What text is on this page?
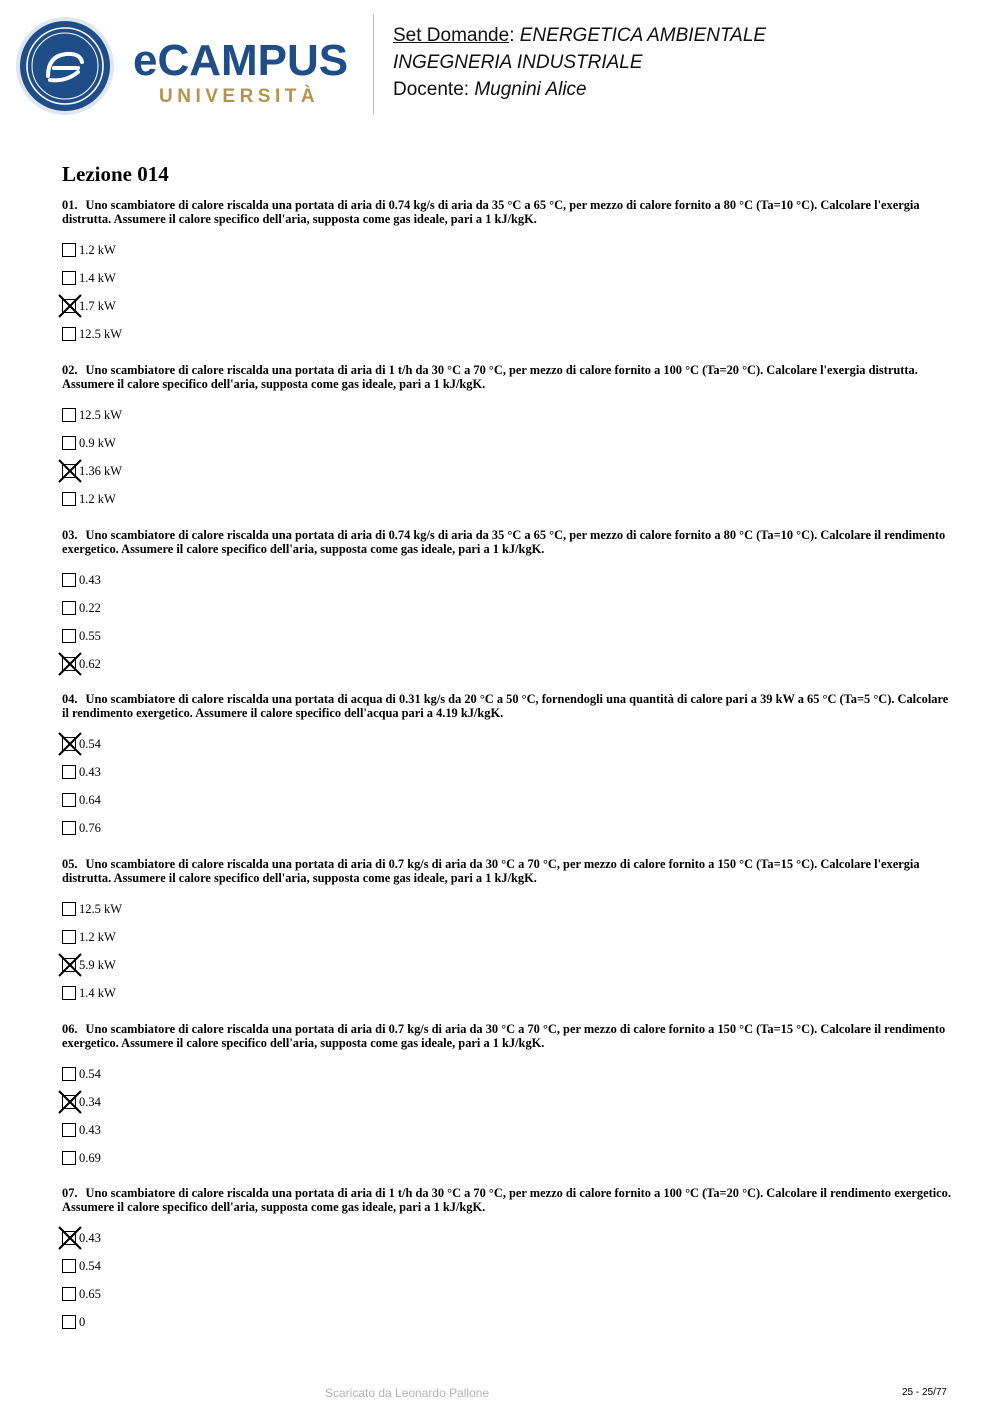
eCAMPUS
UNIVERSITÀ
Set Domande: ENERGETICA AMBIENTALE
INGEGNERIA INDUSTRIALE
Docente: Mugnini Alice
Lezione 014
01. Uno scambiatore di calore riscalda una portata di aria di 0.74 kg/s di aria da 35 °C a 65 °C, per mezzo di calore fornito a 80 °C (Ta=10 °C). Calcolare l'exergia distrutta. Assumere il calore specifico dell'aria, supposta come gas ideale, pari a 1 kJ/kgK.
1.2 kW
1.4 kW
1.7 kW
12.5 kW
02. Uno scambiatore di calore riscalda una portata di aria di 1 t/h da 30 °C a 70 °C, per mezzo di calore fornito a 100 °C (Ta=20 °C). Calcolare l'exergia distrutta. Assumere il calore specifico dell'aria, supposta come gas ideale, pari a 1 kJ/kgK.
12.5 kW
0.9 kW
1.36 kW
1.2 kW
03. Uno scambiatore di calore riscalda una portata di aria di 0.74 kg/s di aria da 35 °C a 65 °C, per mezzo di calore fornito a 80 °C (Ta=10 °C). Calcolare il rendimento exergetico. Assumere il calore specifico dell'aria, supposta come gas ideale, pari a 1 kJ/kgK.
0.43
0.22
0.55
0.62
04. Uno scambiatore di calore riscalda una portata di acqua di 0.31 kg/s da 20 °C a 50 °C, fornendogli una quantità di calore pari a 39 kW a 65 °C (Ta=5 °C). Calcolare il rendimento exergetico. Assumere il calore specifico dell'acqua pari a 4.19 kJ/kgK.
0.54
0.43
0.64
0.76
05. Uno scambiatore di calore riscalda una portata di aria di 0.7 kg/s di aria da 30 °C a 70 °C, per mezzo di calore fornito a 150 °C (Ta=15 °C). Calcolare l'exergia distrutta. Assumere il calore specifico dell'aria, supposta come gas ideale, pari a 1 kJ/kgK.
12.5 kW
1.2 kW
5.9 kW
1.4 kW
06. Uno scambiatore di calore riscalda una portata di aria di 0.7 kg/s di aria da 30 °C a 70 °C, per mezzo di calore fornito a 150 °C (Ta=15 °C). Calcolare il rendimento exergetico. Assumere il calore specifico dell'aria, supposta come gas ideale, pari a 1 kJ/kgK.
0.54
0.34
0.43
0.69
07. Uno scambiatore di calore riscalda una portata di aria di 1 t/h da 30 °C a 70 °C, per mezzo di calore fornito a 100 °C (Ta=20 °C). Calcolare il rendimento exergetico. Assumere il calore specifico dell'aria, supposta come gas ideale, pari a 1 kJ/kgK.
0.43
0.54
0.65
0
Scaricato da Leonardo Pallone	25 - 25/77
